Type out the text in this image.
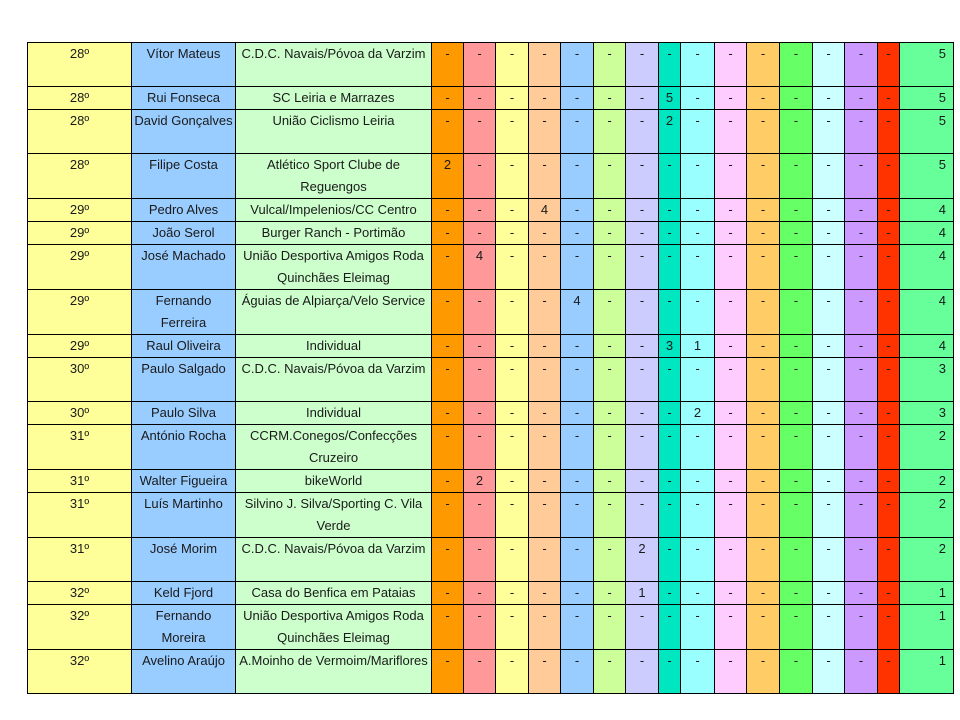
28º	Vítor Mateus	C.D.C. Navais/Póvoa da Varzim	-	-	-	-	-	-	-	-	-	-	-	-	-	-	-	5
28º	Rui Fonseca	SC Leiria e Marrazes	-	-	-	-	-	-	-	5	-	-	-	-	-	-	-	5
28º	David Gonçalves	União Ciclismo Leiria	-	-	-	-	-	-	-	2	-	-	-	-	-	-	-	5
28º	Filipe Costa	Atlético Sport Clube de Reguengos	2	-	-	-	-	-	-	-	-	-	-	-	-	-	-	5
29º	Pedro Alves	Vulcal/Impelenios/CC Centro	-	-	-	4	-	-	-	-	-	-	-	-	-	-	-	4
29º	João Serol	Burger Ranch - Portimão	-	-	-	-	-	-	-	-	-	-	-	-	-	-	-	4
29º	José Machado	União Desportiva Amigos Roda Quinchães Eleimag	-	4	-	-	-	-	-	-	-	-	-	-	-	-	-	4
29º	Fernando Ferreira	Águias de Alpiarça/Velo Service	-	-	-	-	4	-	-	-	-	-	-	-	-	-	-	4
29º	Raul Oliveira	Individual	-	-	-	-	-	-	-	3	1	-	-	-	-	-	-	4
30º	Paulo Salgado	C.D.C. Navais/Póvoa da Varzim	-	-	-	-	-	-	-	-	-	-	-	-	-	-	-	3
30º	Paulo Silva	Individual	-	-	-	-	-	-	-	-	2	-	-	-	-	-	-	3
31º	António Rocha	CCRM.Conegos/Confecções Cruzeiro	-	-	-	-	-	-	-	-	-	-	-	-	-	-	-	2
31º	Walter Figueira	bikeWorld	-	2	-	-	-	-	-	-	-	-	-	-	-	-	-	2
31º	Luís Martinho	Silvino J. Silva/Sporting C. Vila Verde	-	-	-	-	-	-	-	-	-	-	-	-	-	-	-	2
31º	José Morim	C.D.C. Navais/Póvoa da Varzim	-	-	-	-	-	-	2	-	-	-	-	-	-	-	-	2
32º	Keld Fjord	Casa do Benfica em Pataias	-	-	-	-	-	-	1	-	-	-	-	-	-	-	-	1
32º	Fernando Moreira	União Desportiva Amigos Roda Quinchães Eleimag	-	-	-	-	-	-	-	-	-	-	-	-	-	-	-	1
32º	Avelino Araújo	A.Moinho de Vermoim/Mariflores	-	-	-	-	-	-	-	-	-	-	-	-	-	-	-	1
